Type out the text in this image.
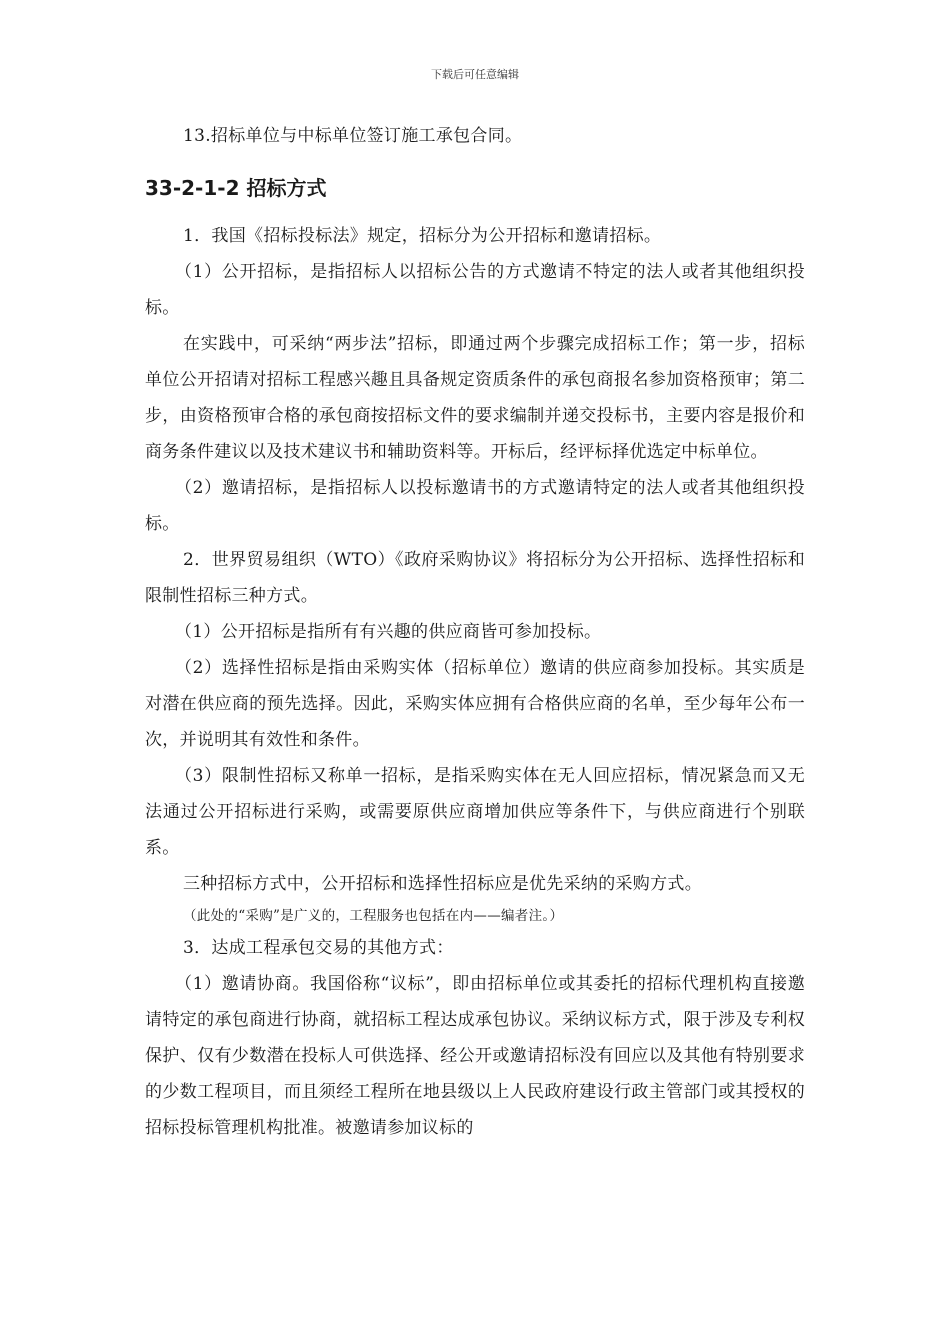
下载后可任意编辑

13.招标单位与中标单位签订施工承包合同。

33-2-1-2 招标方式

1．我国《招标投标法》规定，招标分为公开招标和邀请招标。

（1）公开招标，是指招标人以招标公告的方式邀请不特定的法人或者其他组织投标。

在实践中，可采纳“两步法”招标，即通过两个步骤完成招标工作；第一步，招标单位公开招请对招标工程感兴趣且具备规定资质条件的承包商报名参加资格预审；第二步，由资格预审合格的承包商按招标文件的要求编制并递交投标书，主要内容是报价和商务条件建议以及技术建议书和辅助资料等。开标后，经评标择优选定中标单位。

（2）邀请招标，是指招标人以投标邀请书的方式邀请特定的法人或者其他组织投标。

2．世界贸易组织（WTO）《政府采购协议》将招标分为公开招标、选择性招标和限制性招标三种方式。

（1）公开招标是指所有有兴趣的供应商皆可参加投标。

（2）选择性招标是指由采购实体（招标单位）邀请的供应商参加投标。其实质是对潜在供应商的预先选择。因此，采购实体应拥有合格供应商的名单，至少每年公布一次，并说明其有效性和条件。

（3）限制性招标又称单一招标，是指采购实体在无人回应招标，情况紧急而又无法通过公开招标进行采购，或需要原供应商增加供应等条件下，与供应商进行个别联系。

三种招标方式中，公开招标和选择性招标应是优先采纳的采购方式。

（此处的“采购”是广义的，工程服务也包括在内——编者注。）

3．达成工程承包交易的其他方式：

（1）邀请协商。我国俗称“议标”，即由招标单位或其委托的招标代理机构直接邀请特定的承包商进行协商，就招标工程达成承包协议。采纳议标方式，限于涉及专利权保护、仅有少数潜在投标人可供选择、经公开或邀请招标没有回应以及其他有特别要求的少数工程项目，而且须经工程所在地县级以上人民政府建设行政主管部门或其授权的招标投标管理机构批准。被邀请参加议标的
